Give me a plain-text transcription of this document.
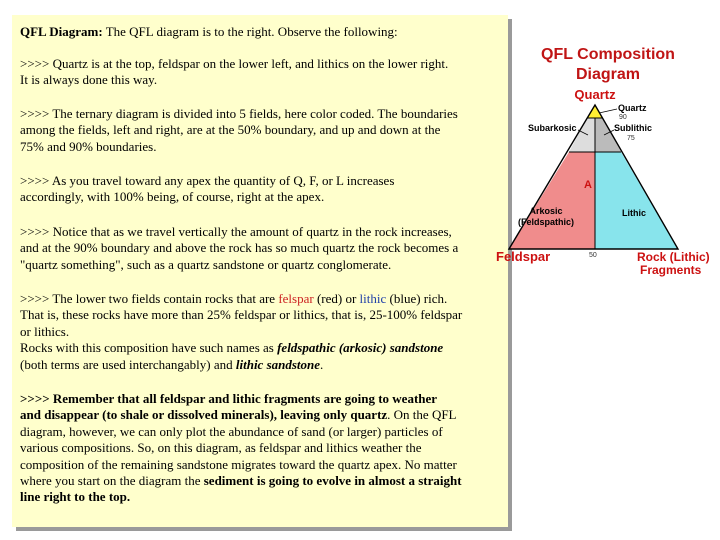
QFL Diagram: The QFL diagram is to the right. Observe the following:
>>>> Quartz is at the top, feldspar on the lower left, and lithics on the lower right.
It is always done this way.
>>>> The ternary diagram is divided into 5 fields, here color coded. The boundaries
among the fields, left and right, are at the 50% boundary, and up and down at the
75% and 90% boundaries.
>>>> As you travel toward any apex the quantity of Q, F, or L increases
accordingly, with 100% being, of course, right at the apex.
>>>> Notice that as we travel vertically the amount of quartz in the rock increases,
and at the 90% boundary and above the rock has so much quartz the rock becomes a
"quartz something", such as a quartz sandstone or quartz conglomerate.
>>>> The lower two fields contain rocks that are felspar (red) or lithic (blue) rich.
That is, these rocks have more than 25% feldspar or lithics, that is, 25-100% feldspar
or lithics.
Rocks with this composition have such names as feldspathic (arkosic) sandstone
(both terms are used interchangably) and lithic sandstone.
>>>> Remember that all feldspar and lithic fragments are going to weather
and disappear (to shale or dissolved minerals), leaving only quartz. On the QFL
diagram, however, we can only plot the abundance of sand (or larger) particles of
various compositions. So, on this diagram, as feldspar and lithics weather the
composition of the remaining sandstone migrates toward the quartz apex. No matter
where you start on the diagram the sediment is going to evolve in almost a straight
line right to the top.
QFL Composition
Diagram
Quartz
90
75
50
Quartz
Subarkosic	Sublithic
A
Arkosic
(Feldspathic)
Lithic
Feldspar	Rock (Lithic)
Fragments
